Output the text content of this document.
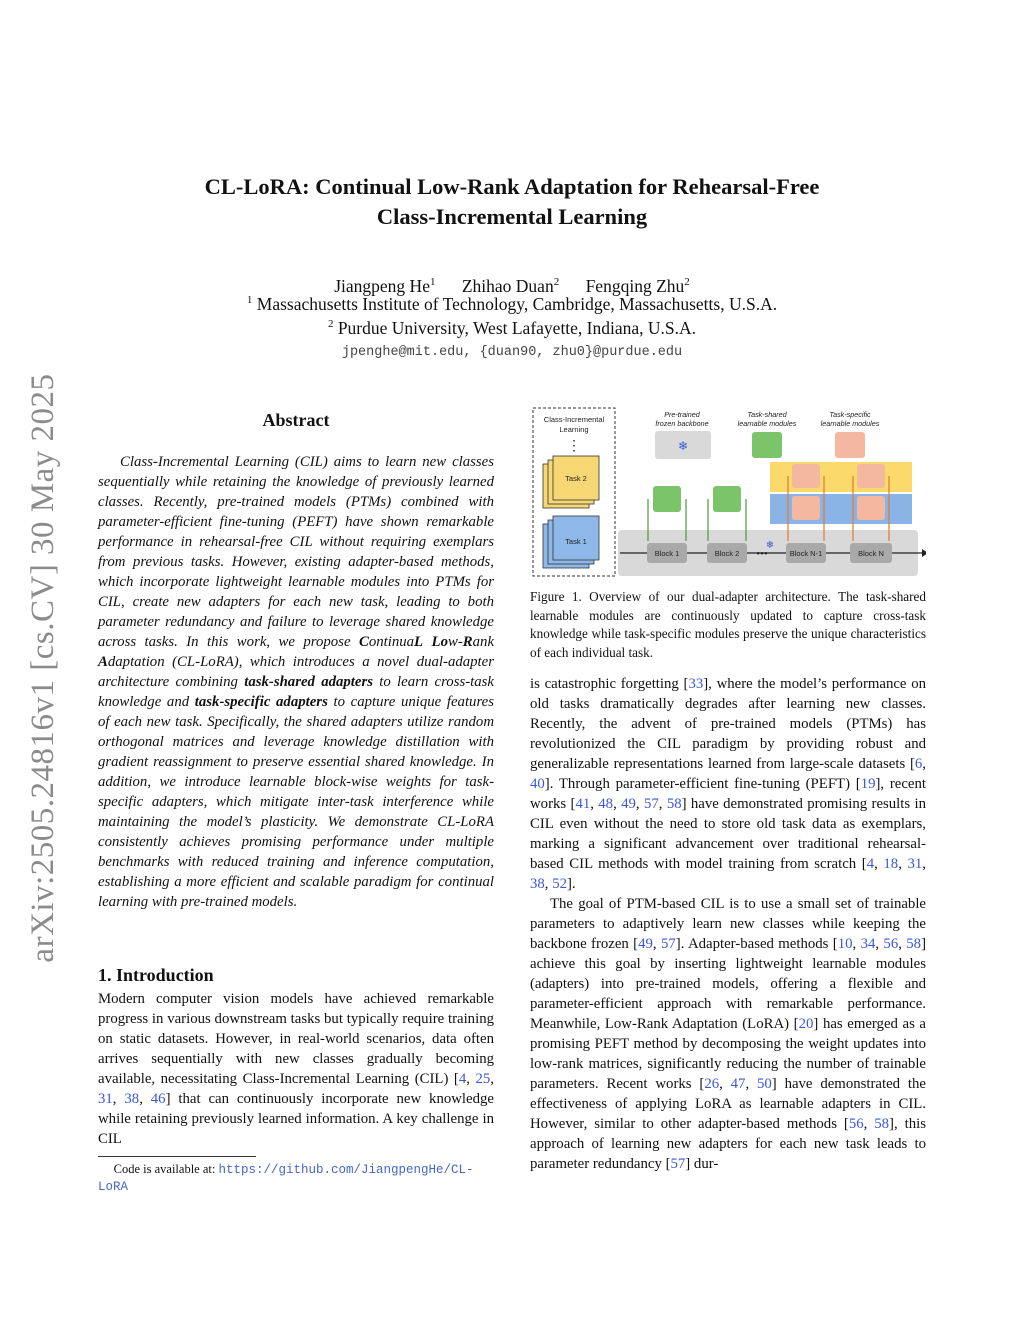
arXiv:2505.24816v1 [cs.CV] 30 May 2025
CL-LoRA: Continual Low-Rank Adaptation for Rehearsal-Free
Class-Incremental Learning
Jiangpeng He$^1$ Zhihao Duan$^2$ Fengqing Zhu$^2$
$^1$ Massachusetts Institute of Technology, Cambridge, Massachusetts, U.S.A.
$^2$ Purdue University, West Lafayette, Indiana, U.S.A.
jpenghe@mit.edu, {duan90, zhu0}@purdue.edu
Abstract
Class-Incremental Learning (CIL) aims to learn new classes sequentially while retaining the knowledge of previously learned classes. Recently, pre-trained models (PTMs) combined with parameter-efficient fine-tuning (PEFT) have shown remarkable performance in rehearsal-free CIL without requiring exemplars from previous tasks. However, existing adapter-based methods, which incorporate lightweight learnable modules into PTMs for CIL, create new adapters for each new task, leading to both parameter redundancy and failure to leverage shared knowledge across tasks. In this work, we propose ContinuaL Low-Rank Adaptation (CL-LoRA), which introduces a novel dual-adapter architecture combining task-shared adapters to learn cross-task knowledge and task-specific adapters to capture unique features of each new task. Specifically, the shared adapters utilize random orthogonal matrices and leverage knowledge distillation with gradient reassignment to preserve essential shared knowledge. In addition, we introduce learnable block-wise weights for task-specific adapters, which mitigate inter-task interference while maintaining the model’s plasticity. We demonstrate CL-LoRA consistently achieves promising performance under multiple benchmarks with reduced training and inference computation, establishing a more efficient and scalable paradigm for continual learning with pre-trained models.
1. Introduction
Modern computer vision models have achieved remarkable progress in various downstream tasks but typically require training on static datasets. However, in real-world scenarios, data often arrives sequentially with new classes gradually becoming available, necessitating Class-Incremental Learning (CIL) [4, 25, 31, 38, 46] that can continuously incorporate new knowledge while retaining previously learned information. A key challenge in CIL
Code is available at: https://github.com/JiangpengHe/CL-LoRA
Class-Incremental
Learning
⋮
Task 2
Task 1
Pre-trained
frozen backbone
❄
Task-shared
learnable modules
Task-specific
learnable modules
Block 1	Block 2 •••
❄
Block N-1	Block N
Figure 1. Overview of our dual-adapter architecture. The task-shared learnable modules are continuously updated to capture cross-task knowledge while task-specific modules preserve the unique characteristics of each individual task.

is catastrophic forgetting [33], where the model’s performance on old tasks dramatically degrades after learning new classes. Recently, the advent of pre-trained models (PTMs) has revolutionized the CIL paradigm by providing robust and generalizable representations learned from large-scale datasets [6, 40]. Through parameter-efficient fine-tuning (PEFT) [19], recent works [41, 48, 49, 57, 58] have demonstrated promising results in CIL even without the need to store old task data as exemplars, marking a significant advancement over traditional rehearsal-based CIL methods with model training from scratch [4, 18, 31, 38, 52].

The goal of PTM-based CIL is to use a small set of trainable parameters to adaptively learn new classes while keeping the backbone frozen [49, 57]. Adapter-based methods [10, 34, 56, 58] achieve this goal by inserting lightweight learnable modules (adapters) into pre-trained models, offering a flexible and parameter-efficient approach with remarkable performance. Meanwhile, Low-Rank Adaptation (LoRA) [20] has emerged as a promising PEFT method by decomposing the weight updates into low-rank matrices, significantly reducing the number of trainable parameters. Recent works [26, 47, 50] have demonstrated the effectiveness of applying LoRA as learnable adapters in CIL. However, similar to other adapter-based methods [56, 58], this approach of learning new adapters for each new task leads to parameter redundancy [57] dur-
